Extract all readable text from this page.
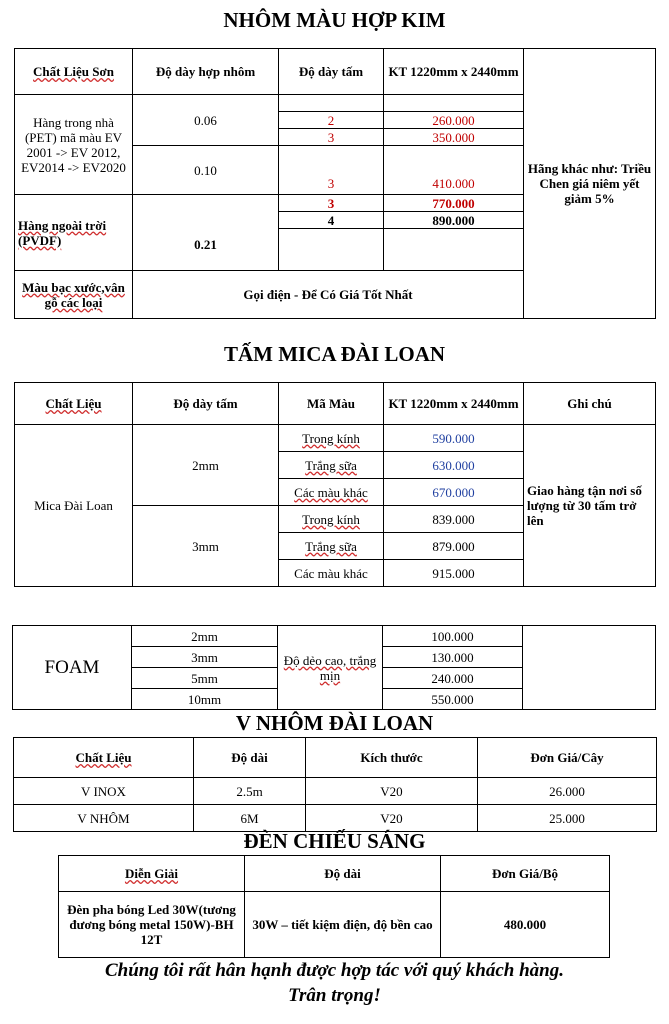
NHÔM MÀU HỢP KIM
Chất Liệu Sơn	Độ dày hợp nhôm	Độ dày tấm	KT 1220mm x 2440mm	Hãng khác như: Triều Chen giá niêm yết giảm 5%
Hàng trong nhà (PET) mã màu EV 2001 -> EV 2012, EV2014 -> EV2020	0.06			
		2	260.000	
		3	350.000	
	0.10	3	410.000	
Hàng ngoài trời (PVDF)	0.21	3	770.000	
		4	890.000	

Màu bạc xước,vân gỗ các loại	Gọi điện - Để Có Giá Tốt Nhất			
TẤM MICA ĐÀI LOAN
Chất Liệu	Độ dày tấm	Mã Màu	KT 1220mm x 2440mm	Ghi chú
Mica Đài Loan	2mm	Trong kính	590.000	Giao hàng tận nơi số lượng từ 30 tấm trở lên
		Trắng sữa	630.000	
		Các màu khác	670.000	
	3mm	Trong kính	839.000	
		Trắng sữa	879.000	
		Các màu khác	915.000	
FOAM	2mm	Độ dẻo cao, trắng mịn	100.000	
	3mm		130.000	
	5mm		240.000	
	10mm		550.000	
V NHÔM ĐÀI LOAN
Chất Liệu	Độ dài	Kích thước	Đơn Giá/Cây
V INOX	2.5m	V20	26.000
V NHÔM	6M	V20	25.000
ĐÈN CHIẾU SÁNG
Diễn Giải	Độ dài	Đơn Giá/Bộ
Đèn pha bóng Led 30W(tương đương bóng metal 150W)-BH 12T	30W – tiết kiệm điện, độ bền cao	480.000
Chúng tôi rất hân hạnh được hợp tác với quý khách hàng.
Trân trọng!
